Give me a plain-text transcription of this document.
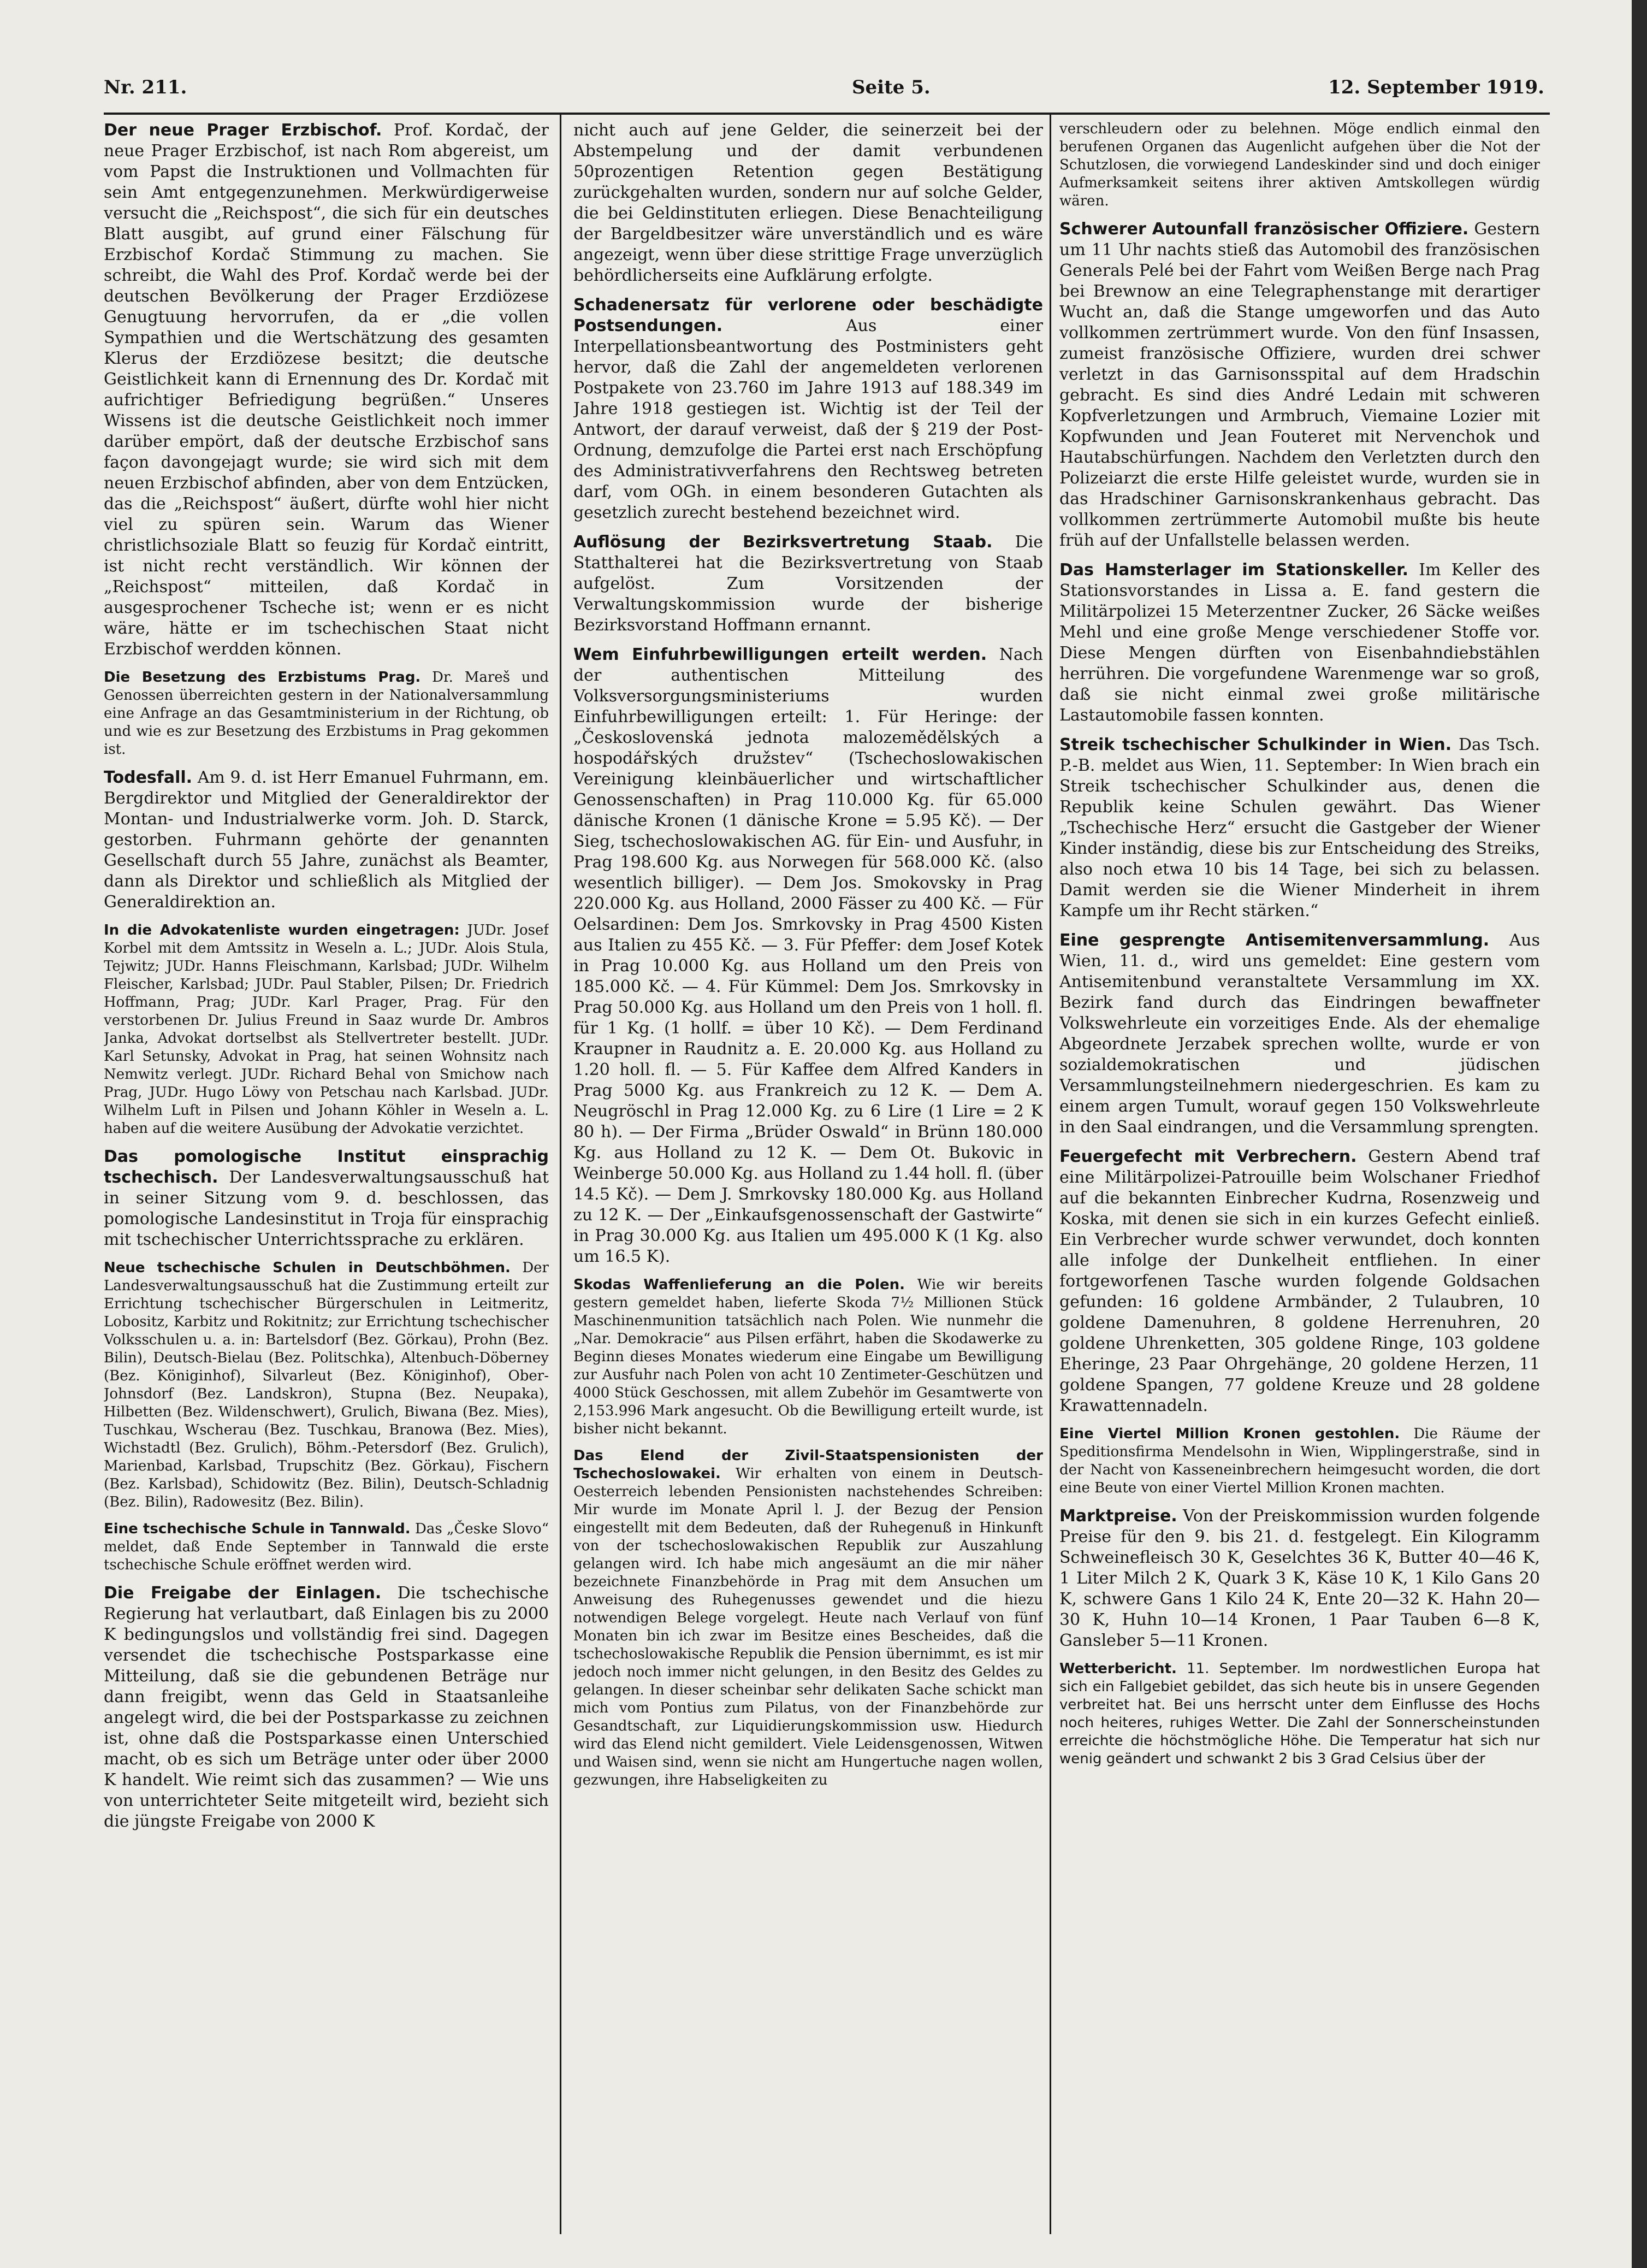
Nr. 211.	Seite 5.	12. September 1919.

Der neue Prager Erzbischof. Prof. Kordač, der neue Prager Erzbischof, ist nach Rom abgereist, um vom Papst die Instruktionen und Vollmachten für sein Amt entgegenzunehmen. Merkwürdigerweise versucht die „Reichspost“, die sich für ein deutsches Blatt ausgibt, auf grund einer Fälschung für Erzbischof Kordač Stimmung zu machen. Sie schreibt, die Wahl des Prof. Kordač werde bei der deutschen Bevölkerung der Prager Erzdiözese Genugtuung hervorrufen, da er „die vollen Sympathien und die Wertschätzung des gesamten Klerus der Erzdiözese besitzt; die deutsche Geistlichkeit kann di Ernennung des Dr. Kordač mit aufrichtiger Befriedigung begrüßen.“ Unseres Wissens ist die deutsche Geistlichkeit noch immer darüber empört, daß der deutsche Erzbischof sans façon davongejagt wurde; sie wird sich mit dem neuen Erzbischof abfinden, aber von dem Entzücken, das die „Reichspost“ äußert, dürfte wohl hier nicht viel zu spüren sein. Warum das Wiener christlichsoziale Blatt so feuzig für Kordač eintritt, ist nicht recht verständlich. Wir können der „Reichspost“ mitteilen, daß Kordač in ausgesprochener Tscheche ist; wenn er es nicht wäre, hätte er im tschechischen Staat nicht Erzbischof werdden können.

Die Besetzung des Erzbistums Prag. Dr. Mareš und Genossen überreichten gestern in der Nationalversammlung eine Anfrage an das Gesamtministerium in der Richtung, ob und wie es zur Besetzung des Erzbistums in Prag gekommen ist.

Todesfall. Am 9. d. ist Herr Emanuel Fuhrmann, em. Bergdirektor und Mitglied der Generaldirektor der Montan- und Industrialwerke vorm. Joh. D. Starck, gestorben. Fuhrmann gehörte der genannten Gesellschaft durch 55 Jahre, zunächst als Beamter, dann als Direktor und schließlich als Mitglied der Generaldirektion an.

In die Advokatenliste wurden eingetragen: JUDr. Josef Korbel mit dem Amtssitz in Weseln a. L.; JUDr. Alois Stula, Tejwitz; JUDr. Hanns Fleischmann, Karlsbad; JUDr. Wilhelm Fleischer, Karlsbad; JUDr. Paul Stabler, Pilsen; Dr. Friedrich Hoffmann, Prag; JUDr. Karl Prager, Prag. Für den verstorbenen Dr. Julius Freund in Saaz wurde Dr. Ambros Janka, Advokat dortselbst als Stellvertreter bestellt. JUDr. Karl Setunsky, Advokat in Prag, hat seinen Wohnsitz nach Nemwitz verlegt. JUDr. Richard Behal von Smichow nach Prag, JUDr. Hugo Löwy von Petschau nach Karlsbad. JUDr. Wilhelm Luft in Pilsen und Johann Köhler in Weseln a. L. haben auf die weitere Ausübung der Advokatie verzichtet.

Das pomologische Institut einsprachig tschechisch. Der Landesverwaltungsausschuß hat in seiner Sitzung vom 9. d. beschlossen, das pomologische Landesinstitut in Troja für einsprachig mit tschechischer Unterrichtssprache zu erklären.

Neue tschechische Schulen in Deutschböhmen. Der Landesverwaltungsausschuß hat die Zustimmung erteilt zur Errichtung tschechischer Bürgerschulen in Leitmeritz, Lobositz, Karbitz und Rokitnitz; zur Errichtung tschechischer Volksschulen u. a. in: Bartelsdorf (Bez. Görkau), Prohn (Bez. Bilin), Deutsch-Bielau (Bez. Politschka), Altenbuch-Döberney (Bez. Königinhof), Silvarleut (Bez. Königinhof), Ober-Johnsdorf (Bez. Landskron), Stupna (Bez. Neupaka), Hilbetten (Bez. Wildenschwert), Grulich, Biwana (Bez. Mies), Tuschkau, Wscherau (Bez. Tuschkau, Branowa (Bez. Mies), Wichstadtl (Bez. Grulich), Böhm.-Petersdorf (Bez. Grulich), Marienbad, Karlsbad, Trupschitz (Bez. Görkau), Fischern (Bez. Karlsbad), Schidowitz (Bez. Bilin), Deutsch-Schladnig (Bez. Bilin), Radowesitz (Bez. Bilin).

Eine tschechische Schule in Tannwald. Das „Česke Slovo“ meldet, daß Ende September in Tannwald die erste tschechische Schule eröffnet werden wird.

Die Freigabe der Einlagen. Die tschechische Regierung hat verlautbart, daß Einlagen bis zu 2000 K bedingungslos und vollständig frei sind. Dagegen versendet die tschechische Postsparkasse eine Mitteilung, daß sie die gebundenen Beträge nur dann freigibt, wenn das Geld in Staatsanleihe angelegt wird, die bei der Postsparkasse zu zeichnen ist, ohne daß die Postsparkasse einen Unterschied macht, ob es sich um Beträge unter oder über 2000 K handelt. Wie reimt sich das zusammen? — Wie uns von unterrichteter Seite mitgeteilt wird, bezieht sich die jüngste Freigabe von 2000 K

nicht auch auf jene Gelder, die seinerzeit bei der Abstempelung und der damit verbundenen 50prozentigen Retention gegen Bestätigung zurückgehalten wurden, sondern nur auf solche Gelder, die bei Geldinstituten erliegen. Diese Benachteiligung der Bargeldbesitzer wäre unverständlich und es wäre angezeigt, wenn über diese strittige Frage unverzüglich behördlicherseits eine Aufklärung erfolgte.

Schadenersatz für verlorene oder beschädigte Postsendungen.	Aus einer Interpellationsbeantwortung des Postministers geht hervor, daß die Zahl der angemeldeten verlorenen Postpakete von 23.760 im Jahre 1913 auf 188.349 im Jahre 1918 gestiegen ist. Wichtig ist der Teil der Antwort, der darauf verweist, daß der § 219 der Post-Ordnung, demzufolge die Partei erst nach Erschöpfung des Administrativverfahrens den Rechtsweg betreten darf, vom OGh. in einem besonderen Gutachten als gesetzlich zurecht bestehend bezeichnet wird.

Auflösung der Bezirksvertretung Staab. Die Statthalterei hat die Bezirksvertretung von Staab aufgelöst. Zum Vorsitzenden der Verwaltungskommission wurde der bisherige Bezirksvorstand Hoffmann ernannt.

Wem Einfuhrbewilligungen erteilt werden. Nach der authentischen Mitteilung des Volksversorgungsministeriums wurden Einfuhrbewilligungen erteilt: 1. Für Heringe: der „Československá jednota malozemědělských a hospodářských družstev“ (Tschechoslowakischen Vereinigung kleinbäuerlicher und wirtschaftlicher Genossenschaften) in Prag 110.000 Kg. für 65.000 dänische Kronen (1 dänische Krone = 5.95 Kč). — Der Sieg, tschechoslowakischen AG. für Ein- und Ausfuhr, in Prag 198.600 Kg. aus Norwegen für 568.000 Kč. (also wesentlich billiger). — Dem Jos. Smokovsky in Prag 220.000 Kg. aus Holland, 2000 Fässer zu 400 Kč. — Für Oelsardinen: Dem Jos. Smrkovsky in Prag 4500 Kisten aus Italien zu 455 Kč. — 3. Für Pfeffer: dem Josef Kotek in Prag 10.000 Kg. aus Holland um den Preis von 185.000 Kč. — 4. Für Kümmel: Dem Jos. Smrkovsky in Prag 50.000 Kg. aus Holland um den Preis von 1 holl. fl. für 1 Kg. (1 hollf. = über 10 Kč). — Dem Ferdinand Kraupner in Raudnitz a. E. 20.000 Kg. aus Holland zu 1.20 holl. fl. — 5. Für Kaffee dem Alfred Kanders in Prag 5000 Kg. aus Frankreich zu 12 K. — Dem A. Neugröschl in Prag 12.000 Kg. zu 6 Lire (1 Lire = 2 K 80 h). — Der Firma „Brüder Oswald“ in Brünn 180.000 Kg. aus Holland zu 12 K. — Dem Ot. Bukovic in Weinberge 50.000 Kg. aus Holland zu 1.44 holl. fl. (über 14.5 Kč). — Dem J. Smrkovsky 180.000 Kg. aus Holland zu 12 K. — Der „Einkaufsgenossenschaft der Gastwirte“ in Prag 30.000 Kg. aus Italien um 495.000 K (1 Kg. also um 16.5 K).

Skodas Waffenlieferung an die Polen. Wie wir bereits gestern gemeldet haben, lieferte Skoda 7½ Millionen Stück Maschinenmunition tatsächlich nach Polen. Wie nunmehr die „Nar. Demokracie“ aus Pilsen erfährt, haben die Skodawerke zu Beginn dieses Monates wiederum eine Eingabe um Bewilligung zur Ausfuhr nach Polen von acht 10 Zentimeter-Geschützen und 4000 Stück Geschossen, mit allem Zubehör im Gesamtwerte von 2,153.996 Mark angesucht. Ob die Bewilligung erteilt wurde, ist bisher nicht bekannt.

Das Elend der Zivil-Staatspensionisten der Tschechoslowakei. Wir erhalten von einem in Deutsch-Oesterreich lebenden Pensionisten nachstehendes Schreiben: Mir wurde im Monate April l. J. der Bezug der Pension eingestellt mit dem Bedeuten, daß der Ruhegenuß in Hinkunft von der tschechoslowakischen Republik zur Auszahlung gelangen wird. Ich habe mich angesäumt an die mir näher bezeichnete Finanzbehörde in Prag mit dem Ansuchen um Anweisung des Ruhegenusses gewendet und die hiezu notwendigen Belege vorgelegt. Heute nach Verlauf von fünf Monaten bin ich zwar im Besitze eines Bescheides, daß die tschechoslowakische Republik die Pension übernimmt, es ist mir jedoch noch immer nicht gelungen, in den Besitz des Geldes zu gelangen. In dieser scheinbar sehr delikaten Sache schickt man mich vom Pontius zum Pilatus, von der Finanzbehörde zur Gesandtschaft, zur Liquidierungskommission usw. Hiedurch wird das Elend nicht gemildert. Viele Leidensgenossen, Witwen und Waisen sind, wenn sie nicht am Hungertuche nagen wollen, gezwungen, ihre Habseligkeiten zu

verschleudern oder zu belehnen. Möge endlich einmal den berufenen Organen das Augenlicht aufgehen über die Not der Schutzlosen, die vorwiegend Landeskinder sind und doch einiger Aufmerksamkeit seitens ihrer aktiven Amtskollegen würdig wären.

Schwerer Autounfall französischer Offiziere. Gestern um 11 Uhr nachts stieß das Automobil des französischen Generals Pelé bei der Fahrt vom Weißen Berge nach Prag bei Brewnow an eine Telegraphenstange mit derartiger Wucht an, daß die Stange umgeworfen und das Auto vollkommen zertrümmert wurde. Von den fünf Insassen, zumeist französische Offiziere, wurden drei schwer verletzt in das Garnisonsspital auf dem Hradschin gebracht. Es sind dies André Ledain mit schweren Kopfverletzungen und Armbruch, Viemaine Lozier mit Kopfwunden und Jean Fouteret mit Nervenchok und Hautabschürfungen. Nachdem den Verletzten durch den Polizeiarzt die erste Hilfe geleistet wurde, wurden sie in das Hradschiner Garnisonskrankenhaus gebracht. Das vollkommen zertrümmerte Automobil mußte bis heute früh auf der Unfallstelle belassen werden.

Das Hamsterlager im Stationskeller. Im Keller des Stationsvorstandes in Lissa a. E. fand gestern die Militärpolizei 15 Meterzentner Zucker, 26 Säcke weißes Mehl und eine große Menge verschiedener Stoffe vor. Diese Mengen dürften von Eisenbahndiebstählen herrühren. Die vorgefundene Warenmenge war so groß, daß sie nicht einmal zwei große militärische Lastautomobile fassen konnten.

Streik tschechischer Schulkinder in Wien. Das Tsch. P.-B. meldet aus Wien, 11. September: In Wien brach ein Streik tschechischer Schulkinder aus, denen die Republik keine Schulen gewährt. Das Wiener „Tschechische Herz“ ersucht die Gastgeber der Wiener Kinder inständig, diese bis zur Entscheidung des Streiks, also noch etwa 10 bis 14 Tage, bei sich zu belassen. Damit werden sie die Wiener Minderheit in ihrem Kampfe um ihr Recht stärken.“

Eine gesprengte Antisemitenversammlung. Aus Wien, 11. d., wird uns gemeldet: Eine gestern vom Antisemitenbund veranstaltete Versammlung im XX. Bezirk fand durch das Eindringen bewaffneter Volkswehrleute ein vorzeitiges Ende. Als der ehemalige Abgeordnete Jerzabek sprechen wollte, wurde er von sozialdemokratischen und jüdischen Versammlungsteilnehmern niedergeschrien. Es kam zu einem argen Tumult, worauf gegen 150 Volkswehrleute in den Saal eindrangen, und die Versammlung sprengten.

Feuergefecht mit Verbrechern. Gestern Abend traf eine Militärpolizei-Patrouille beim Wolschaner Friedhof auf die bekannten Einbrecher Kudrna, Rosenzweig und Koska, mit denen sie sich in ein kurzes Gefecht einließ. Ein Verbrecher wurde schwer verwundet, doch konnten alle infolge der Dunkelheit entfliehen. In einer fortgeworfenen Tasche wurden folgende Goldsachen gefunden: 16 goldene Armbänder, 2 Tulaubren, 10 goldene Damenuhren, 8 goldene Herrenuhren, 20 goldene Uhrenketten, 305 goldene Ringe, 103 goldene Eheringe, 23 Paar Ohrgehänge, 20 goldene Herzen, 11 goldene Spangen, 77 goldene Kreuze und 28 goldene Krawattennadeln.

Eine Viertel Million Kronen gestohlen. Die Räume der Speditionsfirma Mendelsohn in Wien, Wipplingerstraße, sind in der Nacht von Kasseneinbrechern heimgesucht worden, die dort eine Beute von einer Viertel Million Kronen machten.

Marktpreise. Von der Preiskommission wurden folgende Preise für den 9. bis 21. d. festgelegt. Ein Kilogramm Schweinefleisch 30 K, Geselchtes 36 K, Butter 40—46 K, 1 Liter Milch 2 K, Quark 3 K, Käse 10 K, 1 Kilo Gans 20 K, schwere Gans 1 Kilo 24 K, Ente 20—32 K. Hahn 20—30 K, Huhn 10—14 Kronen, 1 Paar Tauben 6—8 K, Gansleber 5—11 Kronen.

Wetterbericht. 11. September. Im nordwestlichen Europa hat sich ein Fallgebiet gebildet, das sich heute bis in unsere Gegenden verbreitet hat. Bei uns herrscht unter dem Einflusse des Hochs noch heiteres, ruhiges Wetter. Die Zahl der Sonnerscheinstunden erreichte die höchstmögliche Höhe. Die Temperatur hat sich nur wenig geändert und schwankt 2 bis 3 Grad Celsius über der
